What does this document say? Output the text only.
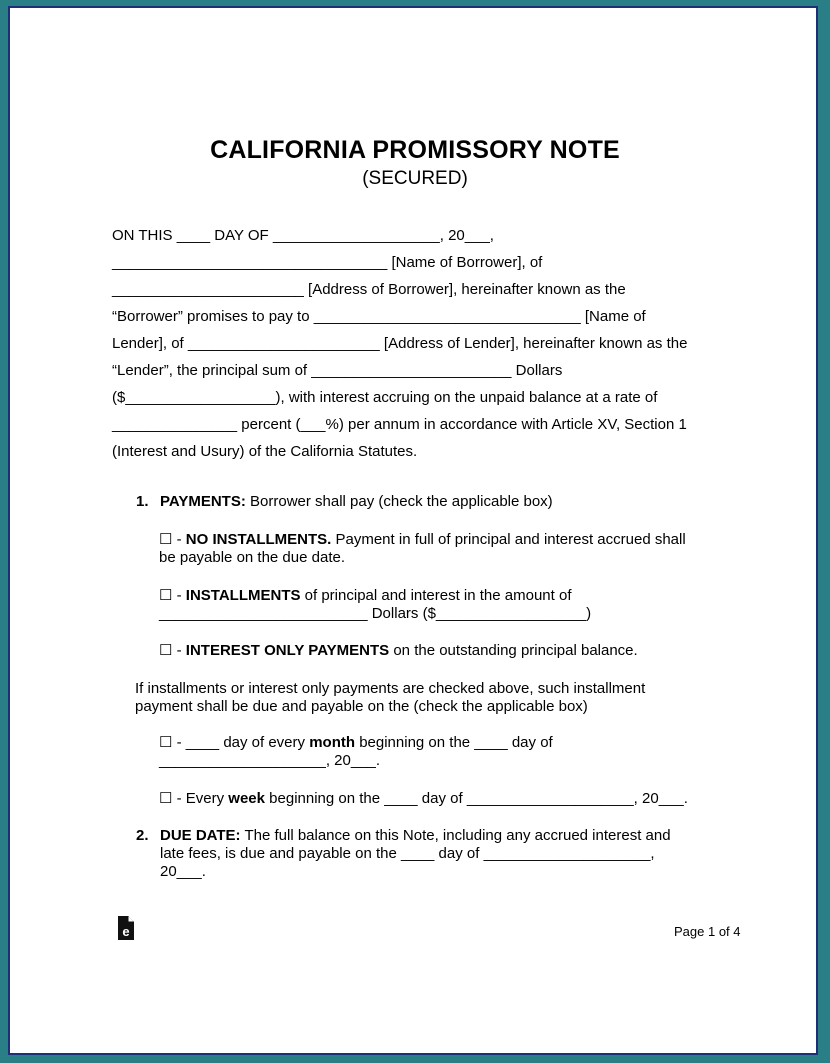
CALIFORNIA PROMISSORY NOTE
(SECURED)
ON THIS ____ DAY OF ____________________, 20___,
_________________________________ [Name of Borrower], of
_______________________ [Address of Borrower], hereinafter known as the
“Borrower” promises to pay to ________________________________ [Name of
Lender], of _______________________ [Address of Lender], hereinafter known as the
“Lender”, the principal sum of ________________________ Dollars
($__________________), with interest accruing on the unpaid balance at a rate of
_______________ percent (___%) per annum in accordance with Article XV, Section 1
(Interest and Usury) of the California Statutes.
1. PAYMENTS: Borrower shall pay (check the applicable box)
☐ - NO INSTALLMENTS. Payment in full of principal and interest accrued shall
be payable on the due date.
☐ - INSTALLMENTS of principal and interest in the amount of
_________________________ Dollars ($__________________)
☐ - INTEREST ONLY PAYMENTS on the outstanding principal balance.
If installments or interest only payments are checked above, such installment
payment shall be due and payable on the (check the applicable box)
☐ - ____ day of every month beginning on the ____ day of
____________________, 20___.
☐ - Every week beginning on the ____ day of ____________________, 20___.
2. DUE DATE: The full balance on this Note, including any accrued interest and
late fees, is due and payable on the ____ day of ____________________,
20___.
e	Page 1 of 4
